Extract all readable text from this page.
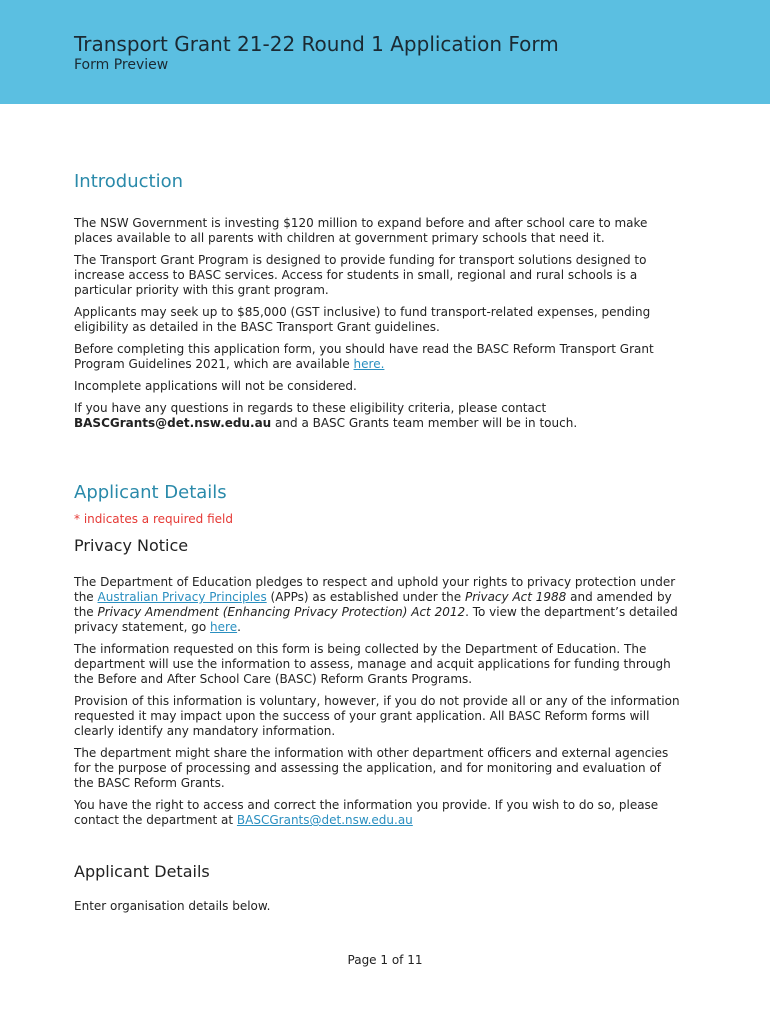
Transport Grant 21-22 Round 1 Application Form
Form Preview
Introduction

The NSW Government is investing $120 million to expand before and after school care to make places available to all parents with children at government primary schools that need it.

The Transport Grant Program is designed to provide funding for transport solutions designed to increase access to BASC services. Access for students in small, regional and rural schools is a particular priority with this grant program.

Applicants may seek up to $85,000 (GST inclusive) to fund transport-related expenses, pending eligibility as detailed in the BASC Transport Grant guidelines.

Before completing this application form, you should have read the BASC Reform Transport Grant Program Guidelines 2021, which are available here.

Incomplete applications will not be considered.

If you have any questions in regards to these eligibility criteria, please contact BASCGrants@det.nsw.edu.au and a BASC Grants team member will be in touch.

Applicant Details
* indicates a required field
Privacy Notice

The Department of Education pledges to respect and uphold your rights to privacy protection under the Australian Privacy Principles (APPs) as established under the Privacy Act 1988 and amended by the Privacy Amendment (Enhancing Privacy Protection) Act 2012. To view the department’s detailed privacy statement, go here.

The information requested on this form is being collected by the Department of Education. The department will use the information to assess, manage and acquit applications for funding through the Before and After School Care (BASC) Reform Grants Programs.

Provision of this information is voluntary, however, if you do not provide all or any of the information requested it may impact upon the success of your grant application. All BASC Reform forms will clearly identify any mandatory information.

The department might share the information with other department officers and external agencies for the purpose of processing and assessing the application, and for monitoring and evaluation of the BASC Reform Grants.

You have the right to access and correct the information you provide. If you wish to do so, please contact the department at BASCGrants@det.nsw.edu.au

Applicant Details

Enter organisation details below.

Page 1 of 11
